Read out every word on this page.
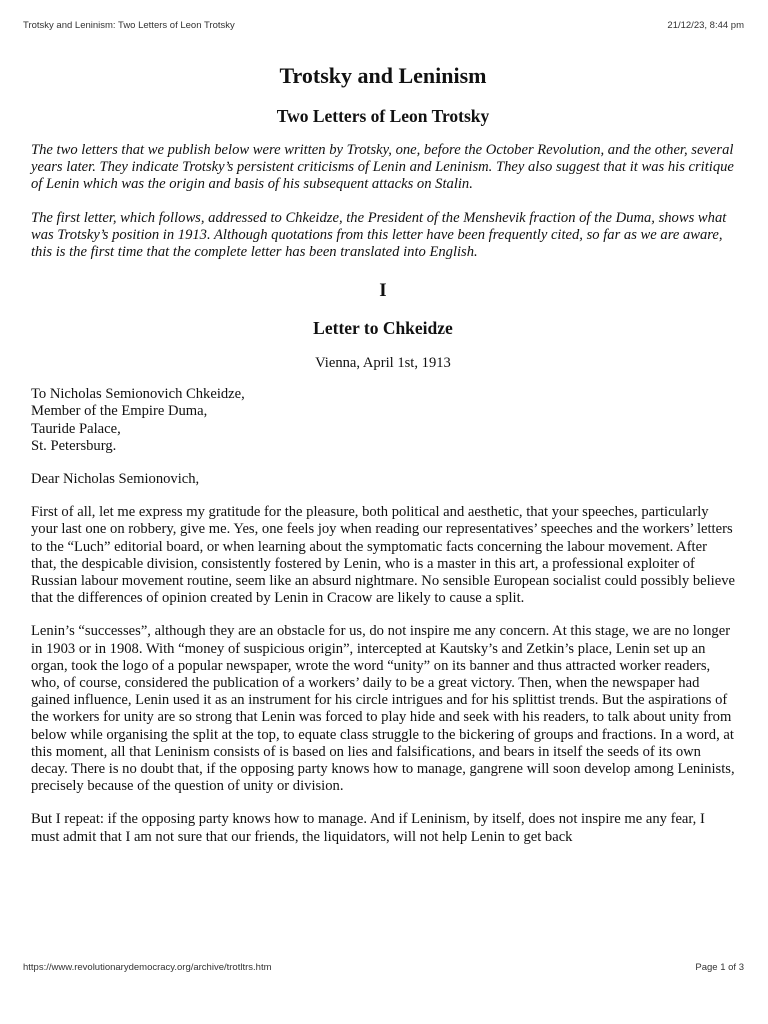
Trotsky and Leninism: Two Letters of Leon Trotsky	21/12/23, 8:44 pm
Trotsky and Leninism
Two Letters of Leon Trotsky

The two letters that we publish below were written by Trotsky, one, before the October Revolution, and the other, several years later. They indicate Trotsky’s persistent criticisms of Lenin and Leninism. They also suggest that it was his critique of Lenin which was the origin and basis of his subsequent attacks on Stalin.

The first letter, which follows, addressed to Chkeidze, the President of the Menshevik fraction of the Duma, shows what was Trotsky’s position in 1913. Although quotations from this letter have been frequently cited, so far as we are aware, this is the first time that the complete letter has been translated into English.

I
Letter to Chkeidze

Vienna, April 1st, 1913

To Nicholas Semionovich Chkeidze,
Member of the Empire Duma,
Tauride Palace,
St. Petersburg.

Dear Nicholas Semionovich,

First of all, let me express my gratitude for the pleasure, both political and aesthetic, that your speeches, particularly your last one on robbery, give me. Yes, one feels joy when reading our representatives’ speeches and the workers’ letters to the “Luch” editorial board, or when learning about the symptomatic facts concerning the labour movement. After that, the despicable division, consistently fostered by Lenin, who is a master in this art, a professional exploiter of Russian labour movement routine, seem like an absurd nightmare. No sensible European socialist could possibly believe that the differences of opinion created by Lenin in Cracow are likely to cause a split.

Lenin’s “successes”, although they are an obstacle for us, do not inspire me any concern. At this stage, we are no longer in 1903 or in 1908. With “money of suspicious origin”, intercepted at Kautsky’s and Zetkin’s place, Lenin set up an organ, took the logo of a popular newspaper, wrote the word “unity” on its banner and thus attracted worker readers, who, of course, considered the publication of a workers’ daily to be a great victory. Then, when the newspaper had gained influence, Lenin used it as an instrument for his circle intrigues and for his splittist trends. But the aspirations of the workers for unity are so strong that Lenin was forced to play hide and seek with his readers, to talk about unity from below while organising the split at the top, to equate class struggle to the bickering of groups and fractions. In a word, at this moment, all that Leninism consists of is based on lies and falsifications, and bears in itself the seeds of its own decay. There is no doubt that, if the opposing party knows how to manage, gangrene will soon develop among Leninists, precisely because of the question of unity or division.

But I repeat: if the opposing party knows how to manage. And if Leninism, by itself, does not inspire me any fear, I must admit that I am not sure that our friends, the liquidators, will not help Lenin to get back

https://www.revolutionarydemocracy.org/archive/trotltrs.htm	Page 1 of 3
